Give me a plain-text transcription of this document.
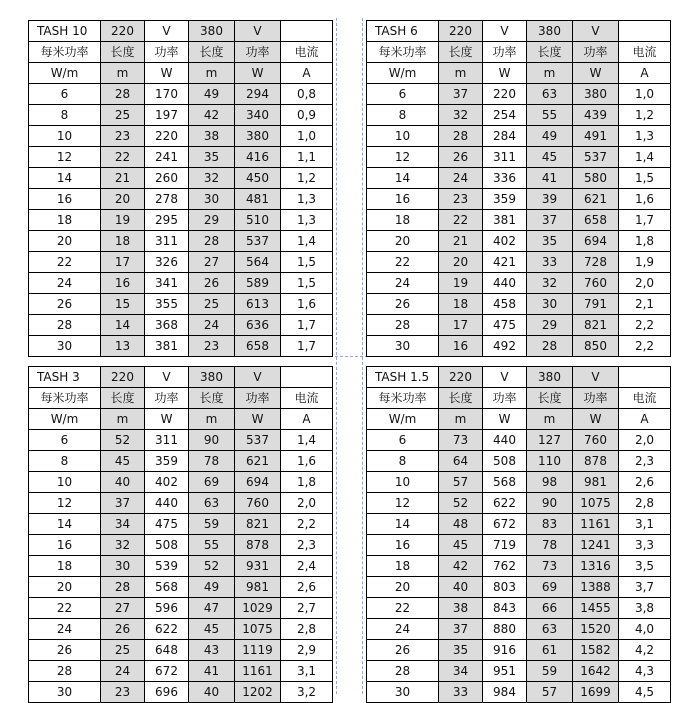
TASH 10	220	V	380	V	
每米功率	长度	功率	长度	功率	电流
W/m	m	W	m	W	A
6	28	170	49	294	0,8
8	25	197	42	340	0,9
10	23	220	38	380	1,0
12	22	241	35	416	1,1
14	21	260	32	450	1,2
16	20	278	30	481	1,3
18	19	295	29	510	1,3
20	18	311	28	537	1,4
22	17	326	27	564	1,5
24	16	341	26	589	1,5
26	15	355	25	613	1,6
28	14	368	24	636	1,7
30	13	381	23	658	1,7
TASH 6	220	V	380	V	
每米功率	长度	功率	长度	功率	电流
W/m	m	W	m	W	A
6	37	220	63	380	1,0
8	32	254	55	439	1,2
10	28	284	49	491	1,3
12	26	311	45	537	1,4
14	24	336	41	580	1,5
16	23	359	39	621	1,6
18	22	381	37	658	1,7
20	21	402	35	694	1,8
22	20	421	33	728	1,9
24	19	440	32	760	2,0
26	18	458	30	791	2,1
28	17	475	29	821	2,2
30	16	492	28	850	2,2
TASH 3	220	V	380	V	
每米功率	长度	功率	长度	功率	电流
W/m	m	W	m	W	A
6	52	311	90	537	1,4
8	45	359	78	621	1,6
10	40	402	69	694	1,8
12	37	440	63	760	2,0
14	34	475	59	821	2,2
16	32	508	55	878	2,3
18	30	539	52	931	2,4
20	28	568	49	981	2,6
22	27	596	47	1029	2,7
24	26	622	45	1075	2,8
26	25	648	43	1119	2,9
28	24	672	41	1161	3,1
30	23	696	40	1202	3,2
TASH 1.5	220	V	380	V	
每米功率	长度	功率	长度	功率	电流
W/m	m	W	m	W	A
6	73	440	127	760	2,0
8	64	508	110	878	2,3
10	57	568	98	981	2,6
12	52	622	90	1075	2,8
14	48	672	83	1161	3,1
16	45	719	78	1241	3,3
18	42	762	73	1316	3,5
20	40	803	69	1388	3,7
22	38	843	66	1455	3,8
24	37	880	63	1520	4,0
26	35	916	61	1582	4,2
28	34	951	59	1642	4,3
30	33	984	57	1699	4,5
